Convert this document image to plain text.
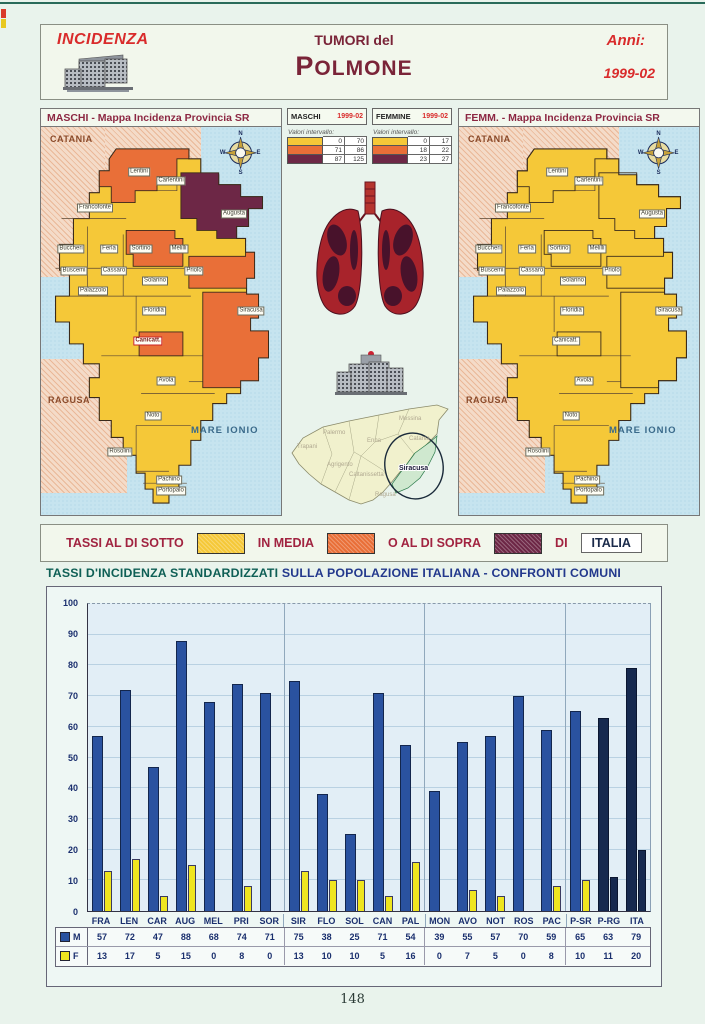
INCIDENZA	TUMORI del
POLMONE
Anni:
1999-02
MASCHI - Mappa Incidenza Provincia SR
CATANIA
RAGUSA
MARE IONIO
N
E
S
W
Lentini
Carlentini
Francofonte
Augusta
Buccheri	Ferla	Sortino	Melilli
Buscemi	Cassaro	Priolo
Palazzolo
Solarino
Floridia	Siracusa
Canicatt.
Avola
Noto
Rosolini
Pachino
Portopalo
FEMM. - Mappa Incidenza Provincia SR
CATANIA
RAGUSA
MARE IONIO
N
E
S
W
Lentini
Carlentini
Francofonte
Augusta
Buccheri	Ferla	Sortino	Melilli
Buscemi	Cassaro	Priolo
Palazzolo
Solarino
Floridia	Siracusa
Canicatt.
Avola
Noto
Rosolini
Pachino
Portopalo
MASCHI 1999-02
Valori intervallo:
0	70
71	86
87	125
FEMMINE 1999-02
Valori intervallo:
0	17
18	22
23	27
Trapani
Palermo
Messina
Enna	Catania
Agrigento
Caltanissetta
Ragusa
Siracusa
TASSI AL DI SOTTO	IN MEDIA	O AL DI SOPRA	DI	ITALIA
TASSI D'INCIDENZA STANDARDIZZATI SULLA POPOLAZIONE ITALIANA - CONFRONTI COMUNI
0
10
20
30
40
50
60
70
80
90
100
FRA	LEN	CAR AUG MEL	PRI	SOR	SIR	FLO	SOL	CAN	PAL	MON AVO	NOT ROS	PAC	P-SR P-RG	ITA
M	57	72	47	88	68	74	71	75	38	25	71	54	39	55	57	70	59	65	63	79
F	13	17	5	15	0	8	0	13	10	10	5	16	0	7	5	0	8	10	11	20
148
